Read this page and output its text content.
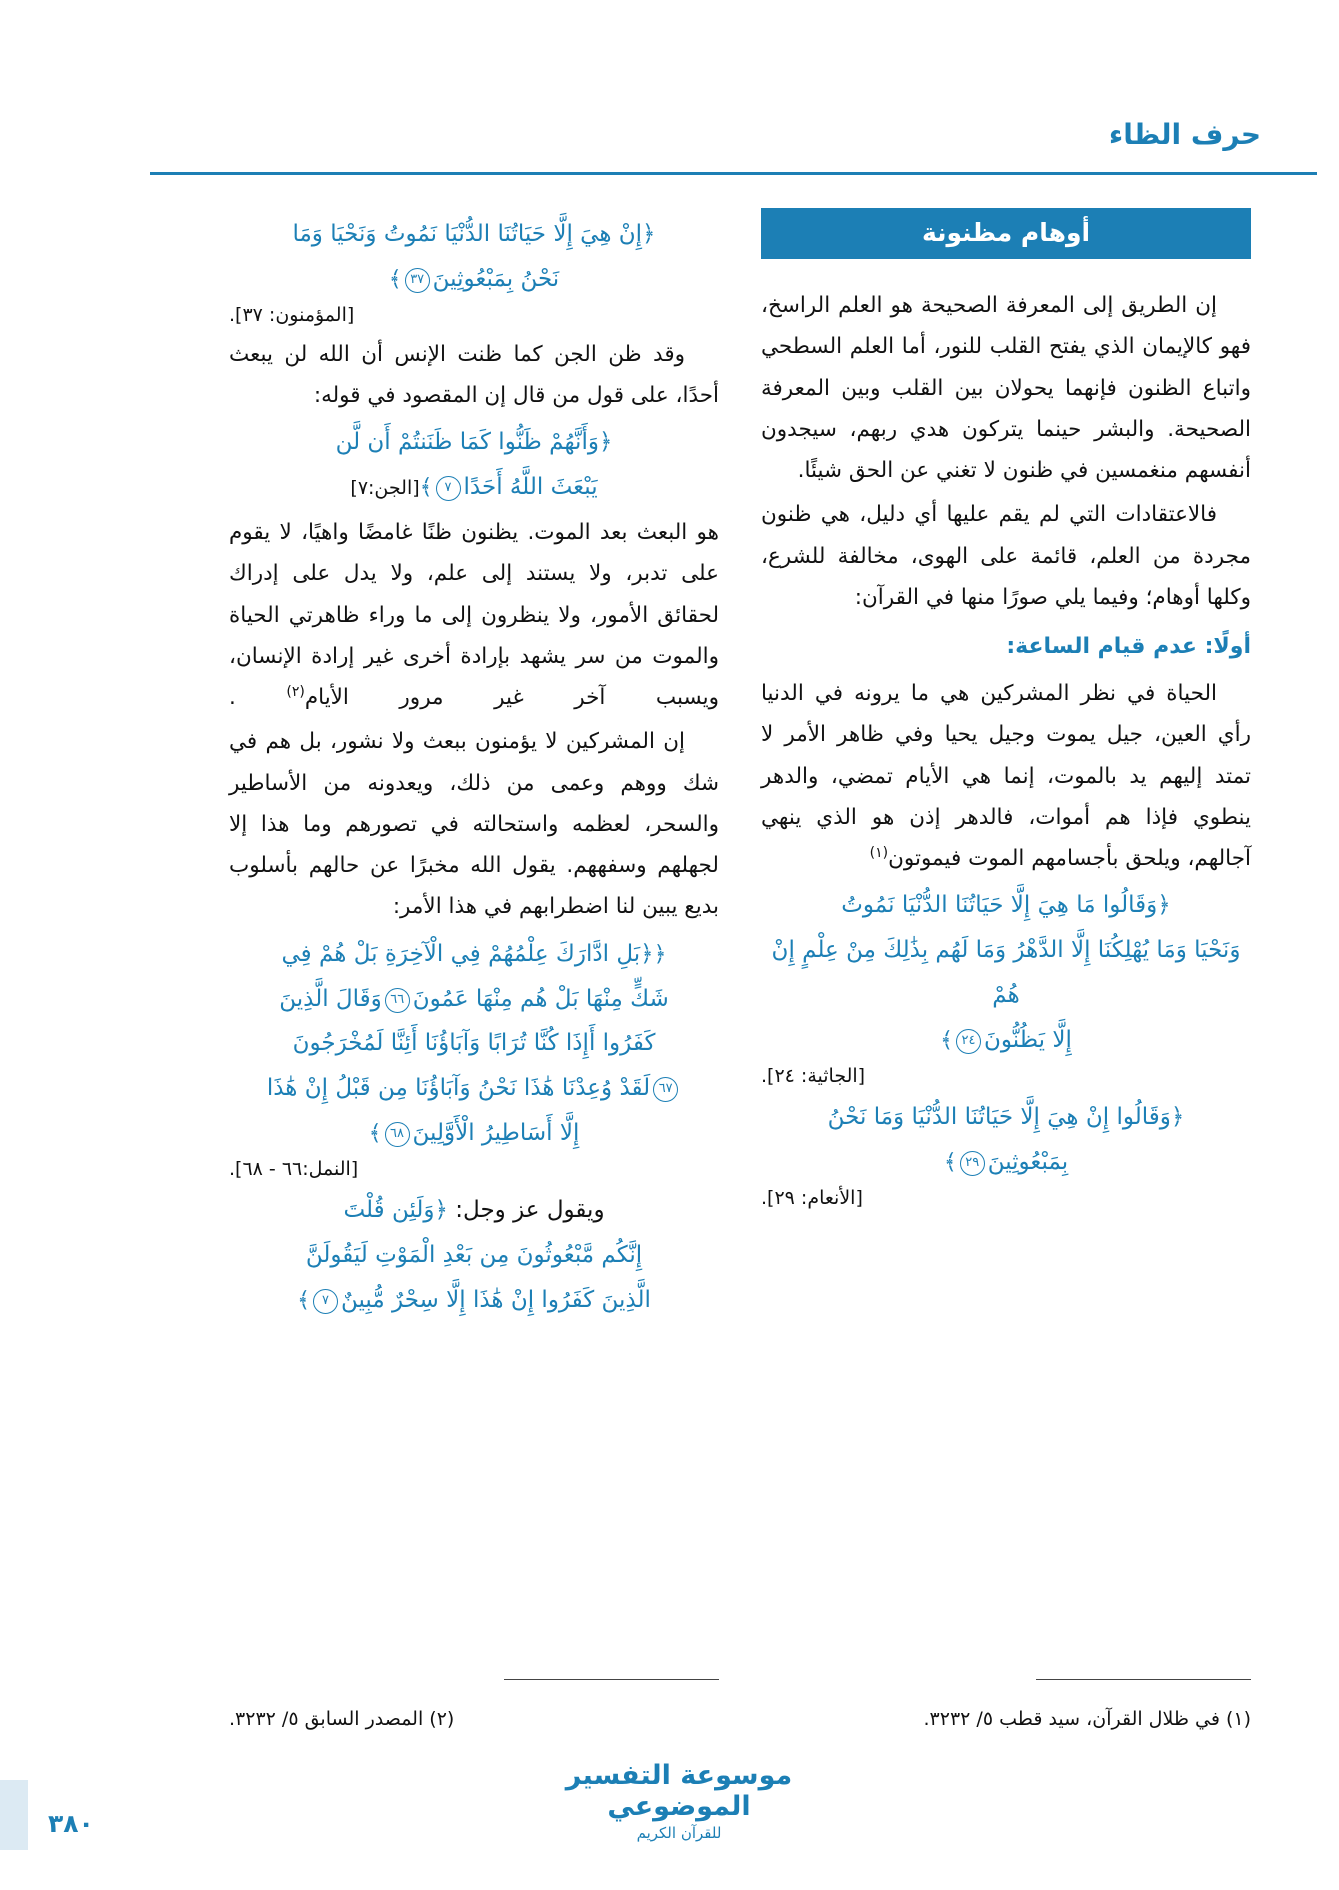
حرف الظاء
أوهام مظنونة

إن الطريق إلى المعرفة الصحيحة هو العلم الراسخ، فهو كالإيمان الذي يفتح القلب للنور، أما العلم السطحي واتباع الظنون فإنهما يحولان بين القلب وبين المعرفة الصحيحة. والبشر حينما يتركون هدي ربهم، سيجدون أنفسهم منغمسين في ظنون لا تغني عن الحق شيئًا.

فالاعتقادات التي لم يقم عليها أي دليل، هي ظنون مجردة من العلم، قائمة على الهوى، مخالفة للشرع، وكلها أوهام؛ وفيما يلي صورًا منها في القرآن:

أولًا: عدم قيام الساعة:

الحياة في نظر المشركين هي ما يرونه في الدنيا رأي العين، جيل يموت وجيل يحيا وفي ظاهر الأمر لا تمتد إليهم يد بالموت، إنما هي الأيام تمضي، والدهر ينطوي فإذا هم أموات، فالدهر إذن هو الذي ينهي آجالهم، ويلحق بأجسامهم الموت فيموتون$^{(١)}$

﴿وَقَالُوا مَا هِيَ إِلَّا حَيَاتُنَا الدُّنْيَا نَمُوتُ
وَنَحْيَا وَمَا يُهْلِكُنَا إِلَّا الدَّهْرُ وَمَا لَهُم بِذَٰلِكَ مِنْ عِلْمٍ إِنْ هُمْ
إِلَّا يَظُنُّونَ٢٤﴾
[الجاثية: ٢٤].
﴿وَقَالُوا إِنْ هِيَ إِلَّا حَيَاتُنَا الدُّنْيَا وَمَا نَحْنُ
بِمَبْعُوثِينَ٢٩﴾
[الأنعام: ٢٩].
﴿إِنْ هِيَ إِلَّا حَيَاتُنَا الدُّنْيَا نَمُوتُ وَنَحْيَا وَمَا
نَحْنُ بِمَبْعُوثِينَ٣٧﴾
[المؤمنون: ٣٧].

وقد ظن الجن كما ظنت الإنس أن الله لن يبعث أحدًا، على قول من قال إن المقصود في قوله:

﴿وَأَنَّهُمْ ظَنُّوا كَمَا ظَنَنتُمْ أَن لَّن
يَبْعَثَ اللَّهُ أَحَدًا٧﴾[الجن:٧]

هو البعث بعد الموت. يظنون ظنًا غامضًا واهيًا، لا يقوم على تدبر، ولا يستند إلى علم، ولا يدل على إدراك لحقائق الأمور، ولا ينظرون إلى ما وراء ظاهرتي الحياة والموت من سر يشهد بإرادة أخرى غير إرادة الإنسان، ويسبب آخر غير مرور الأيام$^{(٢)}$ .

إن المشركين لا يؤمنون ببعث ولا نشور، بل هم في شك ووهم وعمى من ذلك، ويعدونه من الأساطير والسحر، لعظمه واستحالته في تصورهم وما هذا إلا لجهلهم وسفههم. يقول الله مخبرًا عن حالهم بأسلوب بديع يبين لنا اضطرابهم في هذا الأمر:

﴿﴿بَلِ ادَّارَكَ عِلْمُهُمْ فِي الْآخِرَةِ بَلْ هُمْ فِي
شَكٍّ مِنْهَا بَلْ هُم مِنْهَا عَمُونَ٦٦وَقَالَ الَّذِينَ
كَفَرُوا أَإِذَا كُنَّا تُرَابًا وَآبَاؤُنَا أَئِنَّا لَمُخْرَجُونَ
٦٧لَقَدْ وُعِدْنَا هَٰذَا نَحْنُ وَآبَاؤُنَا مِن قَبْلُ إِنْ هَٰذَا
إِلَّا أَسَاطِيرُ الْأَوَّلِينَ٦٨﴾
[النمل:٦٦ - ٦٨].
ويقول عز وجل: ﴿وَلَئِن قُلْتَ
إِنَّكُم مَّبْعُوثُونَ مِن بَعْدِ الْمَوْتِ لَيَقُولَنَّ
الَّذِينَ كَفَرُوا إِنْ هَٰذَا إِلَّا سِحْرٌ مُّبِينٌ٧﴾
(١) في ظلال القرآن، سيد قطب ٥/ ٣٢٣٢.
(٢) المصدر السابق ٥/ ٣٢٣٢.
موسوعة التفسير الموضوعي
للقرآن الكريم
٣٨٠
